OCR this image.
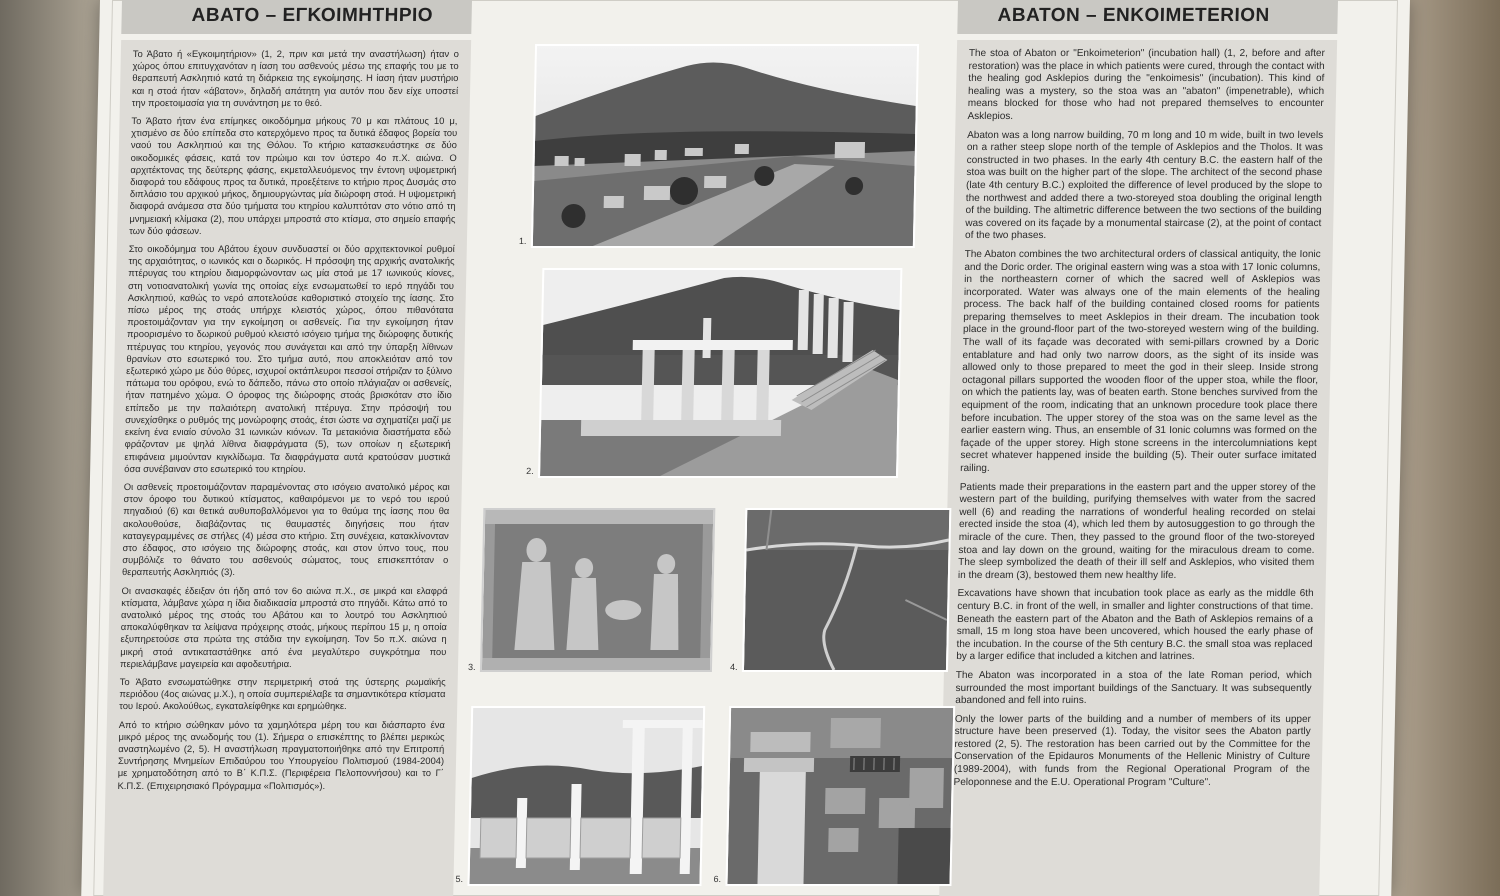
ΑΒΑΤΟ – ΕΓΚΟΙΜΗΤΗΡΙΟ	ABATON – ENKOIMETERION

Το Άβατο ή «Εγκοιμητήριον» (1, 2, πριν και μετά την αναστήλωση) ήταν ο χώρος όπου επιτυγχανόταν η ίαση του ασθενούς μέσω της επαφής του με το θεραπευτή Ασκληπιό κατά τη διάρκεια της εγκοίμησης. Η ίαση ήταν μυστήριο και η στοά ήταν «άβατον», δηλαδή απάτητη για αυτόν που δεν είχε υποστεί την προετοιμασία για τη συνάντηση με το θεό.

Το Άβατο ήταν ένα επίμηκες οικοδόμημα μήκους 70 μ και πλάτους 10 μ, χτισμένο σε δύο επίπεδα στο κατερχόμενο προς τα δυτικά έδαφος βορεία του ναού του Ασκληπιού και της Θόλου. Το κτήριο κατασκευάστηκε σε δύο οικοδομικές φάσεις, κατά τον πρώιμο και τον ύστερο 4ο π.Χ. αιώνα. Ο αρχιτέκτονας της δεύτερης φάσης, εκμεταλλευόμενος την έντονη υψομετρική διαφορά του εδάφους προς τα δυτικά, προεξέτεινε το κτήριο προς Δυσμάς στο διπλάσιο του αρχικού μήκος, δημιουργώντας μία διώροφη στοά. Η υψομετρική διαφορά ανάμεσα στα δύο τμήματα του κτηρίου καλυπτόταν στο νότιο από τη μνημειακή κλίμακα (2), που υπάρχει μπροστά στο κτίσμα, στο σημείο επαφής των δύο φάσεων.

Στο οικοδόμημα του Αβάτου έχουν συνδυαστεί οι δύο αρχιτεκτονικοί ρυθμοί της αρχαιότητας, ο ιωνικός και ο δωρικός. Η πρόσοψη της αρχικής ανατολικής πτέρυγας του κτηρίου διαμορφώνονταν ως μία στοά με 17 ιωνικούς κίονες, στη νοτιοανατολική γωνία της οποίας είχε ενσωματωθεί το ιερό πηγάδι του Ασκληπιού, καθώς το νερό αποτελούσε καθοριστικό στοιχείο της ίασης. Στο πίσω μέρος της στοάς υπήρχε κλειστός χώρος, όπου πιθανότατα προετοιμάζονταν για την εγκοίμηση οι ασθενείς. Για την εγκοίμηση ήταν προορισμένο το δωρικού ρυθμού κλειστό ισόγειο τμήμα της διώροφης δυτικής πτέρυγας του κτηρίου, γεγονός που συνάγεται και από την ύπαρξη λίθινων θρανίων στο εσωτερικό του. Στο τμήμα αυτό, που αποκλειόταν από τον εξωτερικό χώρο με δύο θύρες, ισχυροί οκτάπλευροι πεσσοί στήριζαν το ξύλινο πάτωμα του ορόφου, ενώ το δάπεδο, πάνω στο οποίο πλάγιαζαν οι ασθενείς, ήταν πατημένο χώμα. Ο όροφος της διώροφης στοάς βρισκόταν στο ίδιο επίπεδο με την παλαιότερη ανατολική πτέρυγα. Στην πρόσοψή του συνεχίσθηκε ο ρυθμός της μονώροφης στοάς, έτσι ώστε να σχηματίζει μαζί με εκείνη ένα ενιαίο σύνολο 31 ιωνικών κιόνων. Τα μετακιόνια διαστήματα εδώ φράζονταν με ψηλά λίθινα διαφράγματα (5), των οποίων η εξωτερική επιφάνεια μιμούνταν κιγκλίδωμα. Τα διαφράγματα αυτά κρατούσαν μυστικά όσα συνέβαιναν στο εσωτερικό του κτηρίου.

Οι ασθενείς προετοιμάζονταν παραμένοντας στο ισόγειο ανατολικό μέρος και στον όροφο του δυτικού κτίσματος, καθαιρόμενοι με το νερό του ιερού πηγαδιού (6) και θετικά αυθυποβαλλόμενοι για το θαύμα της ίασης που θα ακολουθούσε, διαβάζοντας τις θαυμαστές διηγήσεις που ήταν καταγεγραμμένες σε στήλες (4) μέσα στο κτήριο. Στη συνέχεια, κατακλίνονταν στο έδαφος, στο ισόγειο της διώροφης στοάς, και στον ύπνο τους, που συμβόλιζε το θάνατο του ασθενούς σώματος, τους επισκεπτόταν ο θεραπευτής Ασκληπιός (3).

Οι ανασκαφές έδειξαν ότι ήδη από τον 6ο αιώνα π.Χ., σε μικρά και ελαφρά κτίσματα, λάμβανε χώρα η ίδια διαδικασία μπροστά στο πηγάδι. Κάτω από το ανατολικό μέρος της στοάς του Αβάτου και το λουτρό του Ασκληπιού αποκαλύφθηκαν τα λείψανα πρόχειρης στοάς, μήκους περίπου 15 μ, η οποία εξυπηρετούσε στα πρώτα της στάδια την εγκοίμηση. Τον 5ο π.Χ. αιώνα η μικρή στοά αντικαταστάθηκε από ένα μεγαλύτερο συγκρότημα που περιελάμβανε μαγειρεία και αφοδευτήρια.

Το Άβατο ενσωματώθηκε στην περιμετρική στοά της ύστερης ρωμαϊκής περιόδου (4ος αιώνας μ.Χ.), η οποία συμπεριέλαβε τα σημαντικότερα κτίσματα του Ιερού. Ακολούθως, εγκαταλείφθηκε και ερημώθηκε.

Από το κτήριο σώθηκαν μόνο τα χαμηλότερα μέρη του και διάσπαρτο ένα μικρό μέρος της ανωδομής του (1). Σήμερα ο επισκέπτης το βλέπει μερικώς αναστηλωμένο (2, 5). Η αναστήλωση πραγματοποιήθηκε από την Επιτροπή Συντήρησης Μνημείων Επιδαύρου του Υπουργείου Πολιτισμού (1984-2004) με χρηματοδότηση από το Β΄ Κ.Π.Σ. (Περιφέρεια Πελοποννήσου) και το Γ΄ Κ.Π.Σ. (Επιχειρησιακό Πρόγραμμα «Πολιτισμός»).

The stoa of Abaton or "Enkoimeterion" (incubation hall) (1, 2, before and after restoration) was the place in which patients were cured, through the contact with the healing god Asklepios during the "enkoimesis" (incubation). This kind of healing was a mystery, so the stoa was an "abaton" (impenetrable), which means blocked for those who had not prepared themselves to encounter Asklepios.

Abaton was a long narrow building, 70 m long and 10 m wide, built in two levels on a rather steep slope north of the temple of Asklepios and the Tholos. It was constructed in two phases. In the early 4th century B.C. the eastern half of the stoa was built on the higher part of the slope. The architect of the second phase (late 4th century B.C.) exploited the difference of level produced by the slope to the northwest and added there a two-storeyed stoa doubling the original length of the building. The altimetric difference between the two sections of the building was covered on its façade by a monumental staircase (2), at the point of contact of the two phases.

The Abaton combines the two architectural orders of classical antiquity, the Ionic and the Doric order. The original eastern wing was a stoa with 17 Ionic columns, in the northeastern corner of which the sacred well of Asklepios was incorporated. Water was always one of the main elements of the healing process. The back half of the building contained closed rooms for patients preparing themselves to meet Asklepios in their dream. The incubation took place in the ground-floor part of the two-storeyed western wing of the building. The wall of its façade was decorated with semi-pillars crowned by a Doric entablature and had only two narrow doors, as the sight of its inside was allowed only to those prepared to meet the god in their sleep. Inside strong octagonal pillars supported the wooden floor of the upper stoa, while the floor, on which the patients lay, was of beaten earth. Stone benches survived from the equipment of the room, indicating that an unknown procedure took place there before incubation. The upper storey of the stoa was on the same level as the earlier eastern wing. Thus, an ensemble of 31 Ionic columns was formed on the façade of the upper storey. High stone screens in the intercolumniations kept secret whatever happened inside the building (5). Their outer surface imitated railing.

Patients made their preparations in the eastern part and the upper storey of the western part of the building, purifying themselves with water from the sacred well (6) and reading the narrations of wonderful healing recorded on stelai erected inside the stoa (4), which led them by autosuggestion to go through the miracle of the cure. Then, they passed to the ground floor of the two-storeyed stoa and lay down on the ground, waiting for the miraculous dream to come. The sleep symbolized the death of their ill self and Asklepios, who visited them in the dream (3), bestowed them new healthy life.

Excavations have shown that incubation took place as early as the middle 6th century B.C. in front of the well, in smaller and lighter constructions of that time. Beneath the eastern part of the Abaton and the Bath of Asklepios remains of a small, 15 m long stoa have been uncovered, which housed the early phase of the incubation. In the course of the 5th century B.C. the small stoa was replaced by a larger edifice that included a kitchen and latrines.

The Abaton was incorporated in a stoa of the late Roman period, which surrounded the most important buildings of the Sanctuary. It was subsequently abandoned and fell into ruins.

Only the lower parts of the building and a number of members of its upper structure have been preserved (1). Today, the visitor sees the Abaton partly restored (2, 5). The restoration has been carried out by the Committee for the Conservation of the Epidauros Monuments of the Hellenic Ministry of Culture (1989-2004), with funds from the Regional Operational Program of the Peloponnese and the E.U. Operational Program "Culture".

1.
2.
3.	4.
5.	6.
